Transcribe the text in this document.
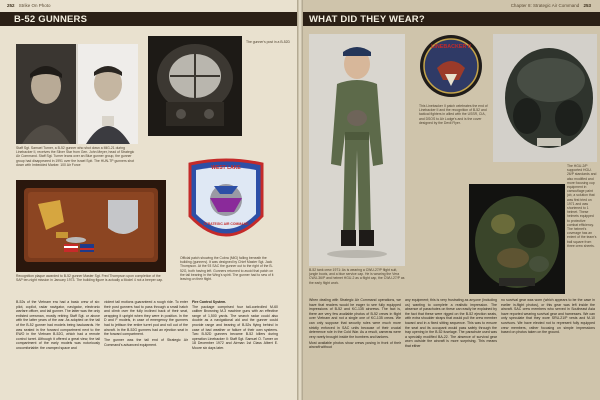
252 Strike On Photo
B-52 GUNNERS
Staff Sgt. Samuel Turner, a B-52 gunner who shot down a MiG-21 during Linebacker II, receives the Silver Star from Gen. John Meyer, head of Strategic Air Command. Staff Sgt. Turner leans over an Blue gunner group, the gunner group had disappeared in 1991 over the Israel Spit. The HUN-TP gunners shot down with Imbedded Marker. 100 Air Force
The gunner's post in a B-52D
Recognition plaque awarded to B-52 gunner Master Sgt. Fred Thompson upon completion of the SAP ten-night mission in January 1973. The building figure is actually a Model 4 not a beeper cap.
WEST LAKE
STRATEGIC AIR COMMAND
Official patch showing the Cobra (MiG) falling beneath the building (gunners). It was designed by Chief Master Sgt. Jack Thompson. At the 93 SAC the gunner out to the right of the B-52G, both having left. Gunners returned to avoid that patch on the tail bearing in the Wing's spirit. The gunner had to sew of it leaving on their flight.

B-52s of the Vietnam era had a basic crew of six: pilot, copilot, radar navigator, navigator, electronic warfare officer, and tail gunner. The latter was the only enlisted crewman, mostly retiring Staff Sgt. or above with the latter years of the war. As adopted on the tail of the B-52 gunner had models being backwards. He was seated in the forward compartment next to the EWO in the Vietnam B-52G, which had a remote control turret. Although it offered a great view, the tail compartment of the early models was notoriously uncomfortable: the cramped space and

violent tail motions guaranteed a rough ride. To enter their post gunners had to pass through a small hatch and climb over the fully inclined back of their seat, wrapping it upright when they were in position. In the D and F models, in case of emergency the gunners had to jettison the entire turret pod and roll out of the aircraft. In the B-52G gunners had an ejection seat in the forward compartment.

The gunner was the tail end of Strategic Air Command's advanced equipment.

Fire Control System.

The package comprised four tail-controlled M-60 caliber Browning M-3 machine guns with an effective range of 1,500 yards. The search radar could also double as a navigational aid and the gunner could provide range and bearing of B-52s flying behind in case of bad weather or failure of their own systems. Two B-52D gunners became B-52 killers during operation Linebacker II: Staff Sgt. Samuel O. Turner on 18 December 1972 and Airman 1st Class Albert E. Moore six days later.

Chapter 8: Strategic Air Command 253
WHAT DID THEY WEAR?
B-52 tank crew 1971: As is wearing a CWU-27/P flight suit, jungle boots, and a blue service cap. He is wearing the Vera CWU-36/P and helmet HGU-2 as a flight cap, the CWU-27/P as the early flight work.
LINEBACKER II
This Linebacker II patch celebrates the end of Linebacker II and the recognition of B-52 and tactical fighters in allied with the USSR, CIA, and DSOS to Air Lodge's and is the cover designed by the Devil Flyer.
The HGU-2/P supported HGU-26/P standards and also modified and more focusing cup equipment in camouflage paint job, a solution that was first tried on 1971 and was shortened to 1 helmet. These helmets equipped to protective combat efficiency. The helmet's coverage has an extent of the team's ball square from three crew sheets.

When dealing with Strategic Air Command operations, we have that readers would be eager to see fully equipped impressions of B-52 and KC-135 aircrews. The fact is, there are very few available photos of B-52 crews in flight over Vietnam and not a single one of KC-135 crews. We can only suppose that security rules were much more strictly enforced in SAC units because of their crucial deterrence role in the Cold War. As a result, cameras were very rarely brought inside the bombers and tankers.

Most available photos show crews posing in front of their aircraft without

any equipment; this is very frustrating as anyone (including us) wanting to complete a realistic impression. The absence of parachutes on these can easily be explained by the fact that these were rigged on the B-52 ejection seats, with extra shoulder straps that would pull the crew member toward and in a fixed sitting sequence. This was to ensure the seat and its occupant would pass safely through the trap opening in the B-52 fuselage. The parachute used was a specially modified BA-22. The absence of survival gear worn outside the aircraft is more surprising. This means that either

no survival gear was worn (which appears to be the case in earlier in-flight photos), or this gear was left inside the aircraft. SAC crew members who served in Southeast Asia have reported wearing survival gear and harnesses. We can only speculate that they wore SRU-21/P vests and M-10 survivors. We have elected not to represent fully equipped crew members, rather focusing on simple impressions based on photos taken on the ground.
